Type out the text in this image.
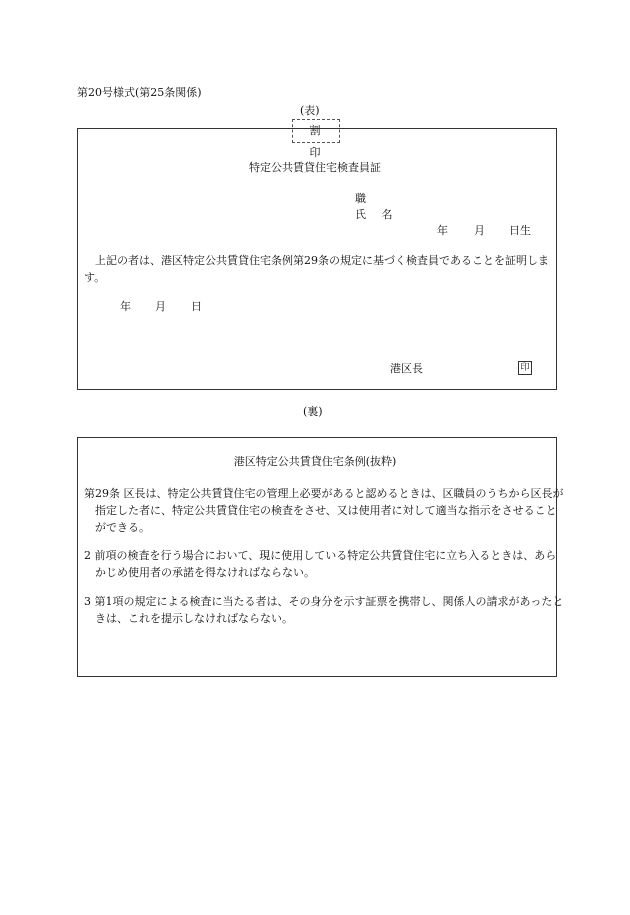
第20号様式(第25条関係)
(表)
割 印
特定公共賃貸住宅検査員証
職
氏 名
年 月 日生
上記の者は、港区特定公共賃貸住宅条例第29条の規定に基づく検査員であることを証明します。
年 月 日
港区長	印
(裏)
港区特定公共賃貸住宅条例(抜粋)
第29条 区長は、特定公共賃貸住宅の管理上必要があると認めるときは、区職員のうちから区長が指定した者に、特定公共賃貸住宅の検査をさせ、又は使用者に対して適当な指示をさせることができる。
2 前項の検査を行う場合において、現に使用している特定公共賃貸住宅に立ち入るときは、あらかじめ使用者の承諾を得なければならない。
3 第1項の規定による検査に当たる者は、その身分を示す証票を携帯し、関係人の請求があったときは、これを提示しなければならない。
